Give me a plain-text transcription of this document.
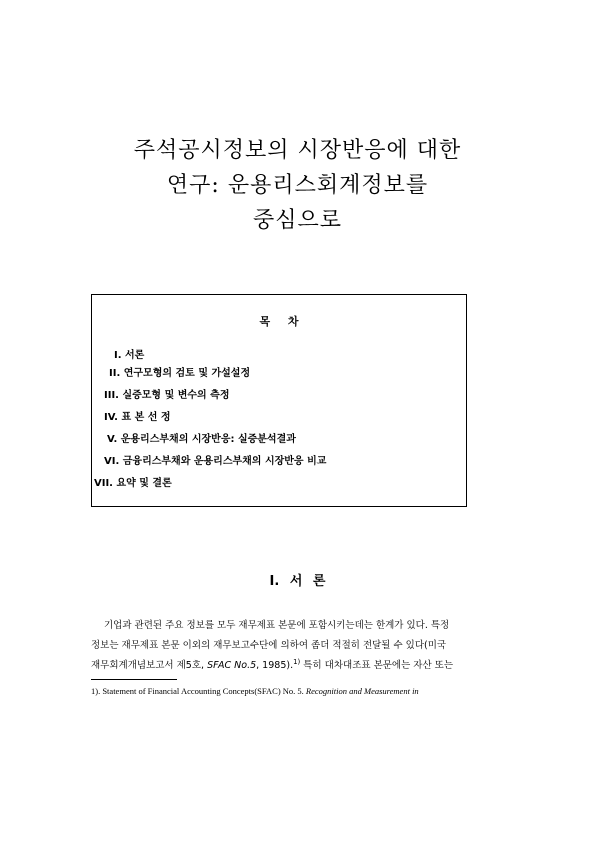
주석공시정보의 시장반응에 대한
연구: 운용리스회계정보를
중심으로
목 차
I. 서론
II. 연구모형의 검토 및 가설설정
III. 실증모형 및 변수의 측정
IV. 표 본 선 정
V. 운용리스부채의 시장반응: 실증분석결과
VI. 금융리스부채와 운용리스부채의 시장반응 비교
VII. 요약 및 결론
I. 서 론
기업과 관련된 주요 정보를 모두 재무제표 본문에 포함시키는데는 한계가 있다. 특정
정보는 재무제표 본문 이외의 재무보고수단에 의하여 좀더 적절히 전달될 수 있다(미국
재무회계개념보고서 제5호, SFAC No.5, 1985).$^{1)}$ 특히 대차대조표 본문에는 자산 또는
1). Statement of Financial Accounting Concepts(SFAC) No. 5. Recognition and Measurement in
